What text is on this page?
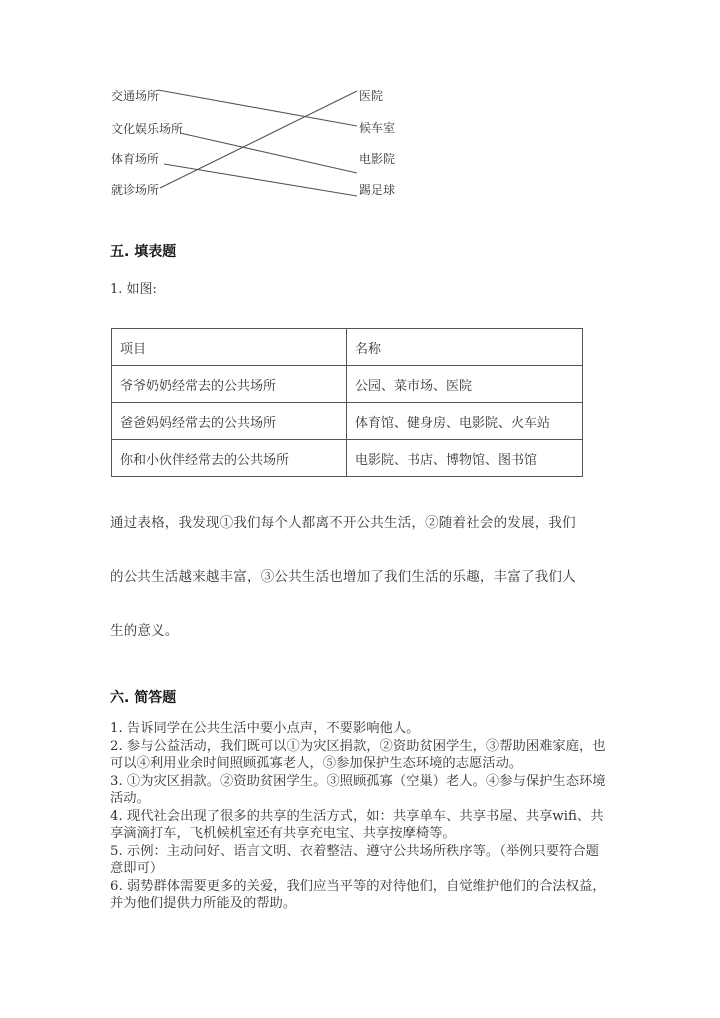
交通场所
文化娱乐场所
体育场所
就诊场所
医院
候车室
电影院
踢足球
五. 填表题
1. 如图:
项目	名称
爷爷奶奶经常去的公共场所	公园、菜市场、医院
爸爸妈妈经常去的公共场所	体育馆、健身房、电影院、火车站
你和小伙伴经常去的公共场所	电影院、书店、博物馆、图书馆
通过表格，我发现①我们每个人都离不开公共生活，②随着社会的发展，我们
的公共生活越来越丰富，③公共生活也增加了我们生活的乐趣，丰富了我们人
生的意义。
六. 简答题
1. 告诉同学在公共生活中要小点声，不要影响他人。
2. 参与公益活动，我们既可以①为灾区捐款，②资助贫困学生，③帮助困难家庭，也可以④利用业余时间照顾孤寡老人，⑤参加保护生态环境的志愿活动。
3. ①为灾区捐款。②资助贫困学生。③照顾孤寡（空巢）老人。④参与保护生态环境活动。
4. 现代社会出现了很多的共享的生活方式，如：共享单车、共享书屋、共享wifi、共享滴滴打车，飞机候机室还有共享充电宝、共享按摩椅等。
5. 示例：主动问好、语言文明、衣着整洁、遵守公共场所秩序等。（举例只要符合题意即可）
6. 弱势群体需要更多的关爱，我们应当平等的对待他们，自觉维护他们的合法权益，并为他们提供力所能及的帮助。
